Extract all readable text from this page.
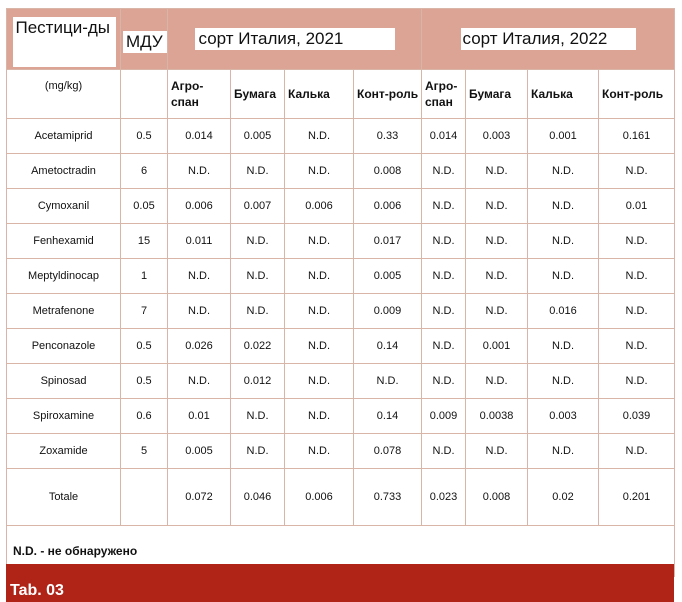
Пестици-ды	МДУ	сорт Италия, 2021				сорт Италия, 2022			
(mg/kg)		Агро-спан	Бумага	Калька	Конт-роль	Агро-спан	Бумага	Калька	Конт-роль
Acetamiprid	0.5	0.014	0.005	N.D.	0.33	0.014	0.003	0.001	0.161
Ametoctradin	6	N.D.	N.D.	N.D.	0.008	N.D.	N.D.	N.D.	N.D.
Cymoxanil	0.05	0.006	0.007	0.006	0.006	N.D.	N.D.	N.D.	0.01
Fenhexamid	15	0.011	N.D.	N.D.	0.017	N.D.	N.D.	N.D.	N.D.
Meptyldinocap	1	N.D.	N.D.	N.D.	0.005	N.D.	N.D.	N.D.	N.D.
Metrafenone	7	N.D.	N.D.	N.D.	0.009	N.D.	N.D.	0.016	N.D.
Penconazole	0.5	0.026	0.022	N.D.	0.14	N.D.	0.001	N.D.	N.D.
Spinosad	0.5	N.D.	0.012	N.D.	N.D.	N.D.	N.D.	N.D.	N.D.
Spiroxamine	0.6	0.01	N.D.	N.D.	0.14	0.009	0.0038	0.003	0.039
Zoxamide	5	0.005	N.D.	N.D.	0.078	N.D.	N.D.	N.D.	N.D.
Totale		0.072	0.046	0.006	0.733	0.023	0.008	0.02	0.201
N.D. - не обнаружено									
Tab. 03
